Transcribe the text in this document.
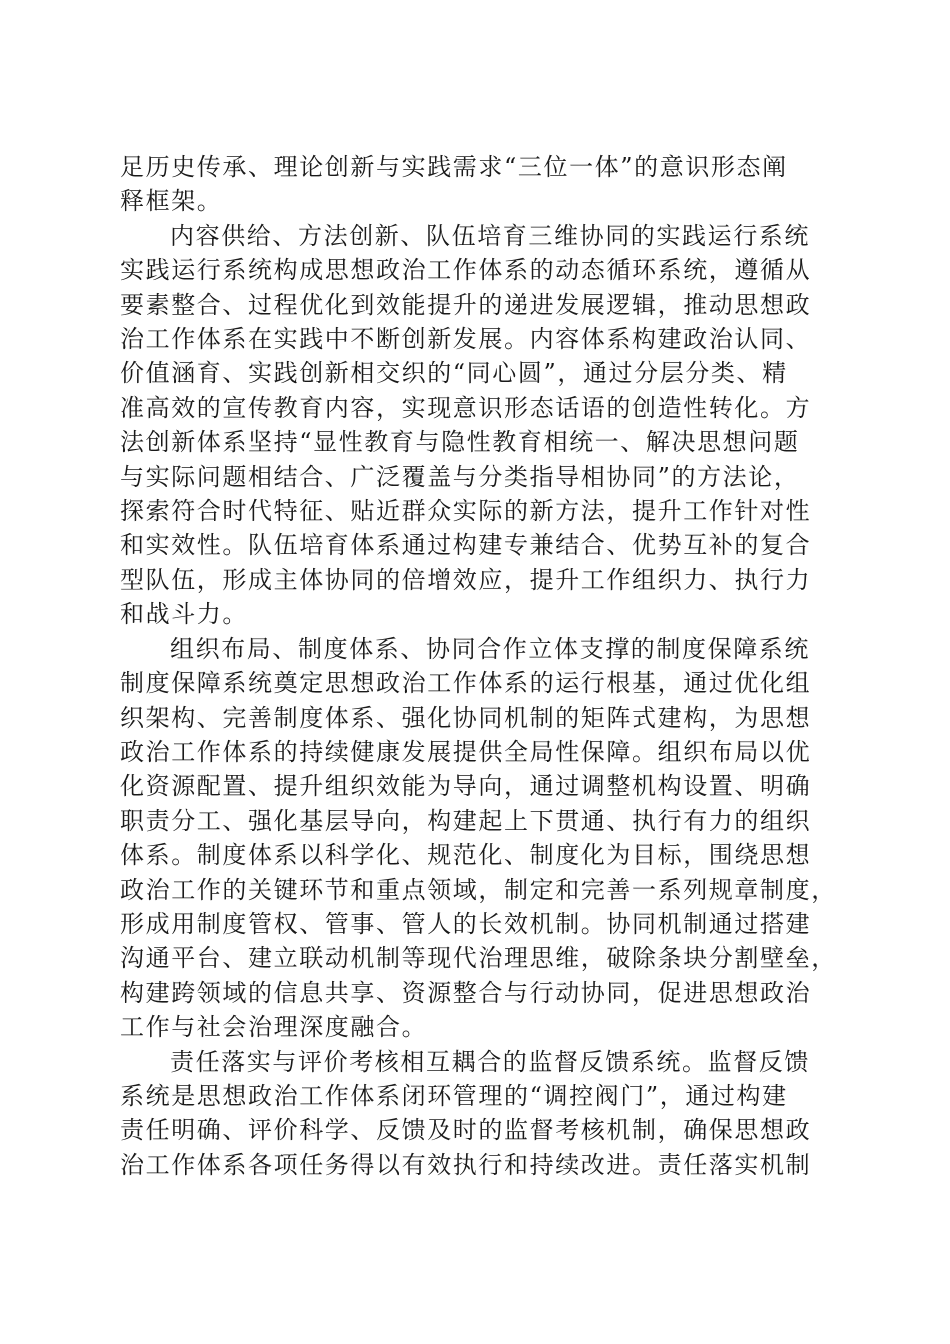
足历史传承、理论创新与实践需求“三位一体”的意识形态阐
释框架。

内容供给、方法创新、队伍培育三维协同的实践运行系统
实践运行系统构成思想政治工作体系的动态循环系统，遵循从
要素整合、过程优化到效能提升的递进发展逻辑，推动思想政
治工作体系在实践中不断创新发展。内容体系构建政治认同、
价值涵育、实践创新相交织的“同心圆”，通过分层分类、精
准高效的宣传教育内容，实现意识形态话语的创造性转化。方
法创新体系坚持“显性教育与隐性教育相统一、解决思想问题
与实际问题相结合、广泛覆盖与分类指导相协同”的方法论，
探索符合时代特征、贴近群众实际的新方法，提升工作针对性
和实效性。队伍培育体系通过构建专兼结合、优势互补的复合
型队伍，形成主体协同的倍增效应，提升工作组织力、执行力
和战斗力。

组织布局、制度体系、协同合作立体支撑的制度保障系统
制度保障系统奠定思想政治工作体系的运行根基，通过优化组
织架构、完善制度体系、强化协同机制的矩阵式建构，为思想
政治工作体系的持续健康发展提供全局性保障。组织布局以优
化资源配置、提升组织效能为导向，通过调整机构设置、明确
职责分工、强化基层导向，构建起上下贯通、执行有力的组织
体系。制度体系以科学化、规范化、制度化为目标，围绕思想
政治工作的关键环节和重点领域，制定和完善一系列规章制度，
形成用制度管权、管事、管人的长效机制。协同机制通过搭建
沟通平台、建立联动机制等现代治理思维，破除条块分割壁垒，
构建跨领域的信息共享、资源整合与行动协同，促进思想政治
工作与社会治理深度融合。

责任落实与评价考核相互耦合的监督反馈系统。监督反馈
系统是思想政治工作体系闭环管理的“调控阀门”，通过构建
责任明确、评价科学、反馈及时的监督考核机制，确保思想政
治工作体系各项任务得以有效执行和持续改进。责任落实机制
